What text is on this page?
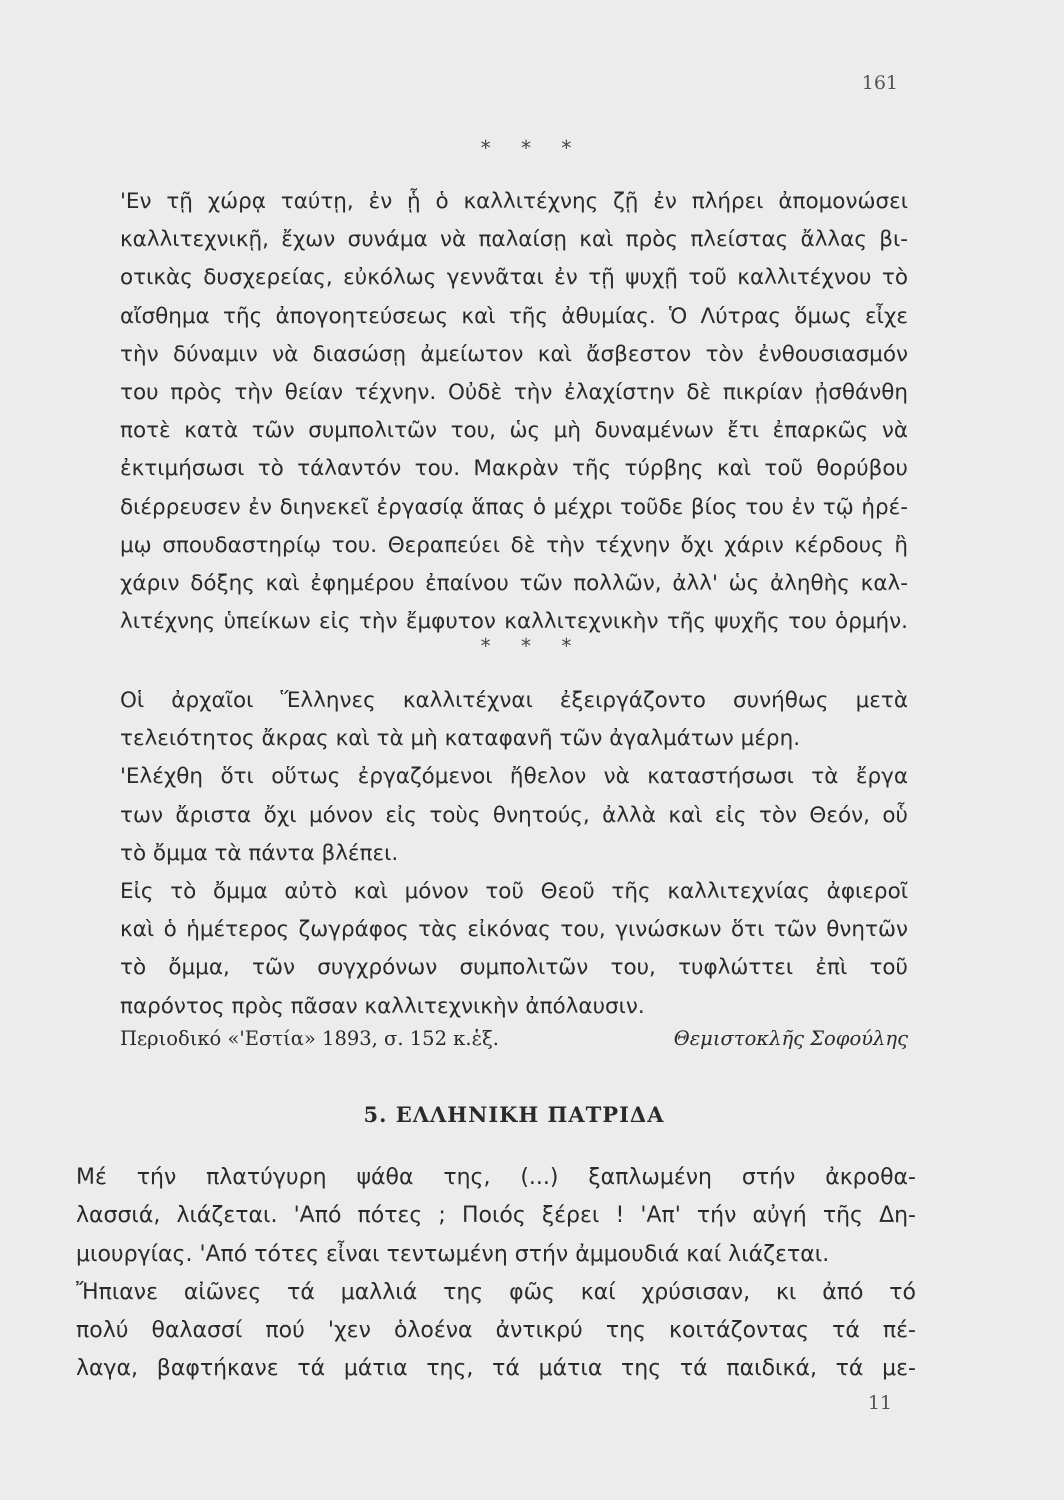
161
* * *
'Εν τῇ χώρᾳ ταύτῃ, ἐν ᾗ ὁ καλλιτέχνης ζῇ ἐν πλήρει ἀπομονώσει
καλλιτεχνικῇ, ἔχων συνάμα νὰ παλαίσῃ καὶ πρὸς πλείστας ἄλλας βι-
οτικὰς δυσχερείας, εὐκόλως γεννᾶται ἐν τῇ ψυχῇ τοῦ καλλιτέχνου τὸ
αἴσθημα τῆς ἀπογοητεύσεως καὶ τῆς ἀθυμίας. Ὁ Λύτρας ὅμως εἶχε
τὴν δύναμιν νὰ διασώσῃ ἀμείωτον καὶ ἄσβεστον τὸν ἐνθουσιασμόν
του πρὸς τὴν θείαν τέχνην. Οὐδὲ τὴν ἐλαχίστην δὲ πικρίαν ᾐσθάνθη
ποτὲ κατὰ τῶν συμπολιτῶν του, ὡς μὴ δυναμένων ἔτι ἐπαρκῶς νὰ
ἐκτιμήσωσι τὸ τάλαντόν του. Μακρὰν τῆς τύρβης καὶ τοῦ θορύβου
διέρρευσεν ἐν διηνεκεῖ ἐργασίᾳ ἅπας ὁ μέχρι τοῦδε βίος του ἐν τῷ ἠρέ-
μῳ σπουδαστηρίῳ του. Θεραπεύει δὲ τὴν τέχνην ὄχι χάριν κέρδους ἢ
χάριν δόξης καὶ ἐφημέρου ἐπαίνου τῶν πολλῶν, ἀλλ' ὡς ἀληθὴς καλ-
λιτέχνης ὑπείκων εἰς τὴν ἔμφυτον καλλιτεχνικὴν τῆς ψυχῆς του ὁρμήν.
* * *
Οἱ ἀρχαῖοι Ἕλληνες καλλιτέχναι ἐξειργάζοντο συνήθως μετὰ
τελειότητος ἄκρας καὶ τὰ μὴ καταφανῆ τῶν ἀγαλμάτων μέρη.
'Ελέχθη ὅτι οὕτως ἐργαζόμενοι ἤθελον νὰ καταστήσωσι τὰ ἔργα
των ἄριστα ὄχι μόνον εἰς τοὺς θνητούς, ἀλλὰ καὶ εἰς τὸν Θεόν, οὗ
τὸ ὄμμα τὰ πάντα βλέπει.
Εἰς τὸ ὄμμα αὐτὸ καὶ μόνον τοῦ Θεοῦ τῆς καλλιτεχνίας ἀφιεροῖ
καὶ ὁ ἡμέτερος ζωγράφος τὰς εἰκόνας του, γινώσκων ὅτι τῶν θνητῶν
τὸ ὄμμα, τῶν συγχρόνων συμπολιτῶν του, τυφλώττει ἐπὶ τοῦ
παρόντος πρὸς πᾶσαν καλλιτεχνικὴν ἀπόλαυσιν.
Περιοδικό «'Εστία» 1893, σ. 152 κ.ἑξ.	Θεμιστοκλῆς Σοφούλης
5. ΕΛΛΗΝΙΚΗ ΠΑΤΡΙΔΑ
Μέ τήν πλατύγυρη ψάθα της, (...) ξαπλωμένη στήν ἀκροθα-
λασσιά, λιάζεται. 'Από πότες ; Ποιός ξέρει ! 'Απ' τήν αὐγή τῆς Δη-
μιουργίας. 'Από τότες εἶναι τεντωμένη στήν ἀμμουδιά καί λιάζεται.
Ἤπιανε αἰῶνες τά μαλλιά της φῶς καί χρύσισαν, κι ἀπό τό
πολύ θαλασσί πού 'χεν ὁλοένα ἀντικρύ της κοιτάζοντας τά πέ-
λαγα, βαφτήκανε τά μάτια της, τά μάτια της τά παιδικά, τά με-
11
